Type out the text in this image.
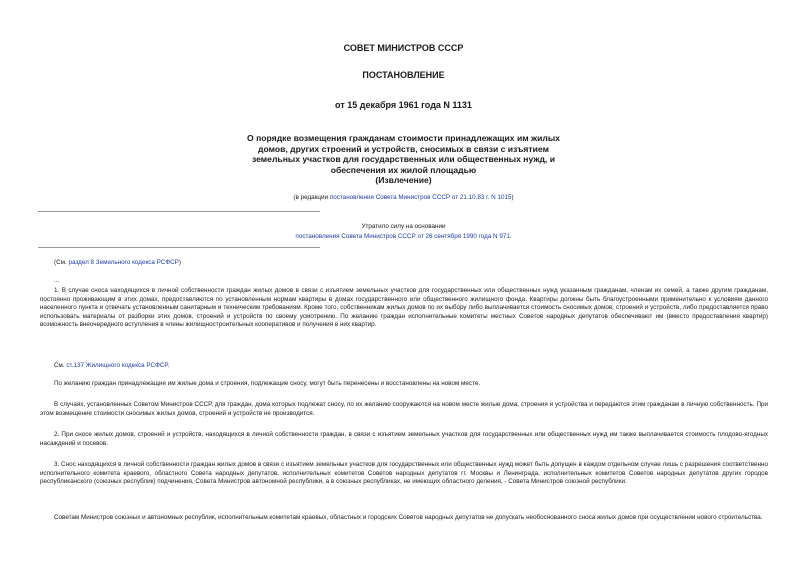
СОВЕТ МИНИСТРОВ СССР
ПОСТАНОВЛЕНИЕ
от 15 декабря 1961 года N 1131
О порядке возмещения гражданам стоимости принадлежащих им жилых
домов, других строений и устройств, сносимых в связи с изъятием
земельных участков для государственных или общественных нужд, и
обеспечения их жилой площадью
(Извлечение)
(в редакции постановления Совета Министров СССР от 21.10.83 г. N 1015)
Утратило силу на основании
постановления Совета Министров СССР от 26 сентября 1990 года N 971.
(См. раздел 8 Земельного кодекса РСФСР)
...
1. В случае сноса находящихся в личной собственности граждан жилых домов в связи с изъятием земельных участков для государственных или общественных нужд указанным гражданам, членам их семей, а также другим гражданам, постоянно проживающим в этих домах, предоставляются по установленным нормам квартиры в домах государственного или общественного жилищного фонда. Квартиры должны быть благоустроенными применительно к условиям данного населенного пункта и отвечать установленным санитарным и техническим требованиям. Кроме того, собственникам жилых домов по их выбору либо выплачивается стоимость сносимых домов, строений и устройств, либо предоставляется право использовать материалы от разборки этих домов, строений и устройств по своему усмотрению. По желанию граждан исполнительные комитеты местных Советов народных депутатов обеспечивают им (вместо предоставления квартир) возможность внеочередного вступления в члены жилищностроительных кооперативов и получения в них квартир.
См. ст.137 Жилищного кодекса РСФСР.
По желанию граждан принадлежащие им жилые дома и строения, подлежащие сносу, могут быть перенесены и восстановлены на новом месте.
В случаях, установленных Советом Министров СССР, для граждан, дома которых подлежат сносу, по их желанию сооружаются на новом месте жилые дома, строения и устройства и передаются этим гражданам в личную собственность. При этом возмещение стоимости сносимых жилых домов, строений и устройств не производится.
2. При сносе жилых домов, строений и устройств, находящихся в личной собственности граждан, в связи с изъятием земельных участков для государственных или общественных нужд им также выплачивается стоимость плодово-ягодных насаждений и посевов.
3. Снос находящихся в личной собственности граждан жилых домов в связи с изъятием земельных участков для государственных или общественных нужд может быть допущен в каждом отдельном случае лишь с разрешения соответственно исполнительного комитета краевого, областного Совета народных депутатов, исполнительных комитетов Советов народных депутатов гг. Москвы и Ленинграда, исполнительных комитетов Советов народных депутатов других городов республиканского (союзных республик) подчинения, Совета Министров автономной республики, а в союзных республиках, не имеющих областного деления, - Совета Министров союзной республики.
Советам Министров союзных и автономных республик, исполнительным комитетам краевых, областных и городских Советов народных депутатов не допускать необоснованного сноса жилых домов при осуществлении нового строительства.
